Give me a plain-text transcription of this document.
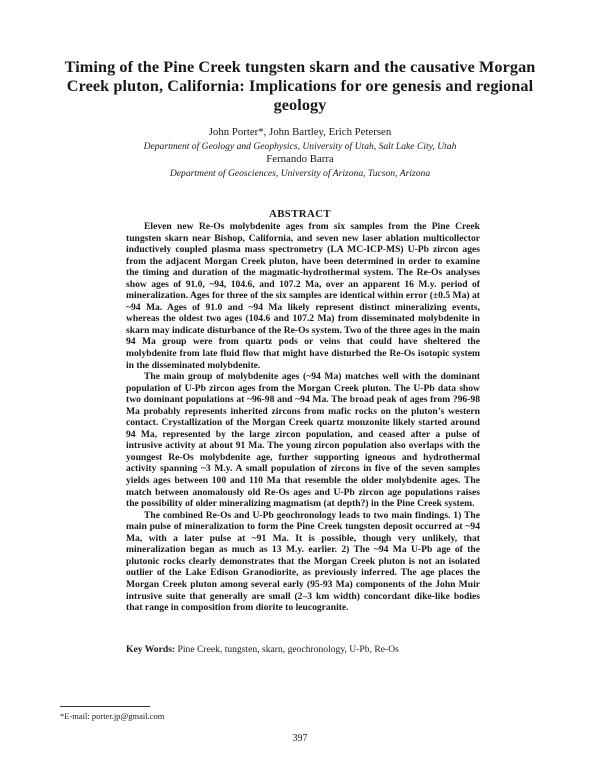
Timing of the Pine Creek tungsten skarn and the causative Morgan Creek pluton, California: Implications for ore genesis and regional geology
John Porter*, John Bartley, Erich Petersen
Department of Geology and Geophysics, University of Utah, Salt Lake City, Utah
Fernando Barra
Department of Geosciences, University of Arizona, Tucson, Arizona
ABSTRACT

Eleven new Re-Os molybdenite ages from six samples from the Pine Creek tungsten skarn near Bishop, California, and seven new laser ablation multicollector inductively coupled plasma mass spectrometry (LA MC-ICP-MS) U-Pb zircon ages from the adjacent Morgan Creek pluton, have been determined in order to examine the timing and duration of the magmatic-hydrothermal system. The Re-Os analyses show ages of 91.0, ~94, 104.6, and 107.2 Ma, over an apparent 16 M.y. period of mineralization. Ages for three of the six samples are identical within error (±0.5 Ma) at ~94 Ma. Ages of 91.0 and ~94 Ma likely represent distinct mineralizing events, whereas the oldest two ages (104.6 and 107.2 Ma) from disseminated molybdenite in skarn may indicate disturbance of the Re-Os system. Two of the three ages in the main 94 Ma group were from quartz pods or veins that could have sheltered the molybdenite from late fluid flow that might have disturbed the Re-Os isotopic system in the disseminated molybdenite.

The main group of molybdenite ages (~94 Ma) matches well with the dominant population of U-Pb zircon ages from the Morgan Creek pluton. The U-Pb data show two dominant populations at ~96-98 and ~94 Ma. The broad peak of ages from ?96-98 Ma probably represents inherited zircons from mafic rocks on the pluton’s western contact. Crystallization of the Morgan Creek quartz monzonite likely started around 94 Ma, represented by the large zircon population, and ceased after a pulse of intrusive activity at about 91 Ma. The young zircon population also overlaps with the youngest Re-Os molybdenite age, further supporting igneous and hydrothermal activity spanning ~3 M.y. A small population of zircons in five of the seven samples yields ages between 100 and 110 Ma that resemble the older molybdenite ages. The match between anomalously old Re-Os ages and U-Pb zircon age populations raises the possibility of older mineralizing magmatism (at depth?) in the Pine Creek system.

The combined Re-Os and U-Pb geochronology leads to two main findings. 1) The main pulse of mineralization to form the Pine Creek tungsten deposit occurred at ~94 Ma, with a later pulse at ~91 Ma. It is possible, though very unlikely, that mineralization began as much as 13 M.y. earlier. 2) The ~94 Ma U-Pb age of the plutonic rocks clearly demonstrates that the Morgan Creek pluton is not an isolated outlier of the Lake Edison Granodiorite, as previously inferred. The age places the Morgan Creek pluton among several early (95-93 Ma) components of the John Muir intrusive suite that generally are small (2–3 km width) concordant dike-like bodies that range in composition from diorite to leucogranite.

Key Words: Pine Creek, tungsten, skarn, geochronology, U-Pb, Re-Os
*E-mail: porter.jp@gmail.com
397
